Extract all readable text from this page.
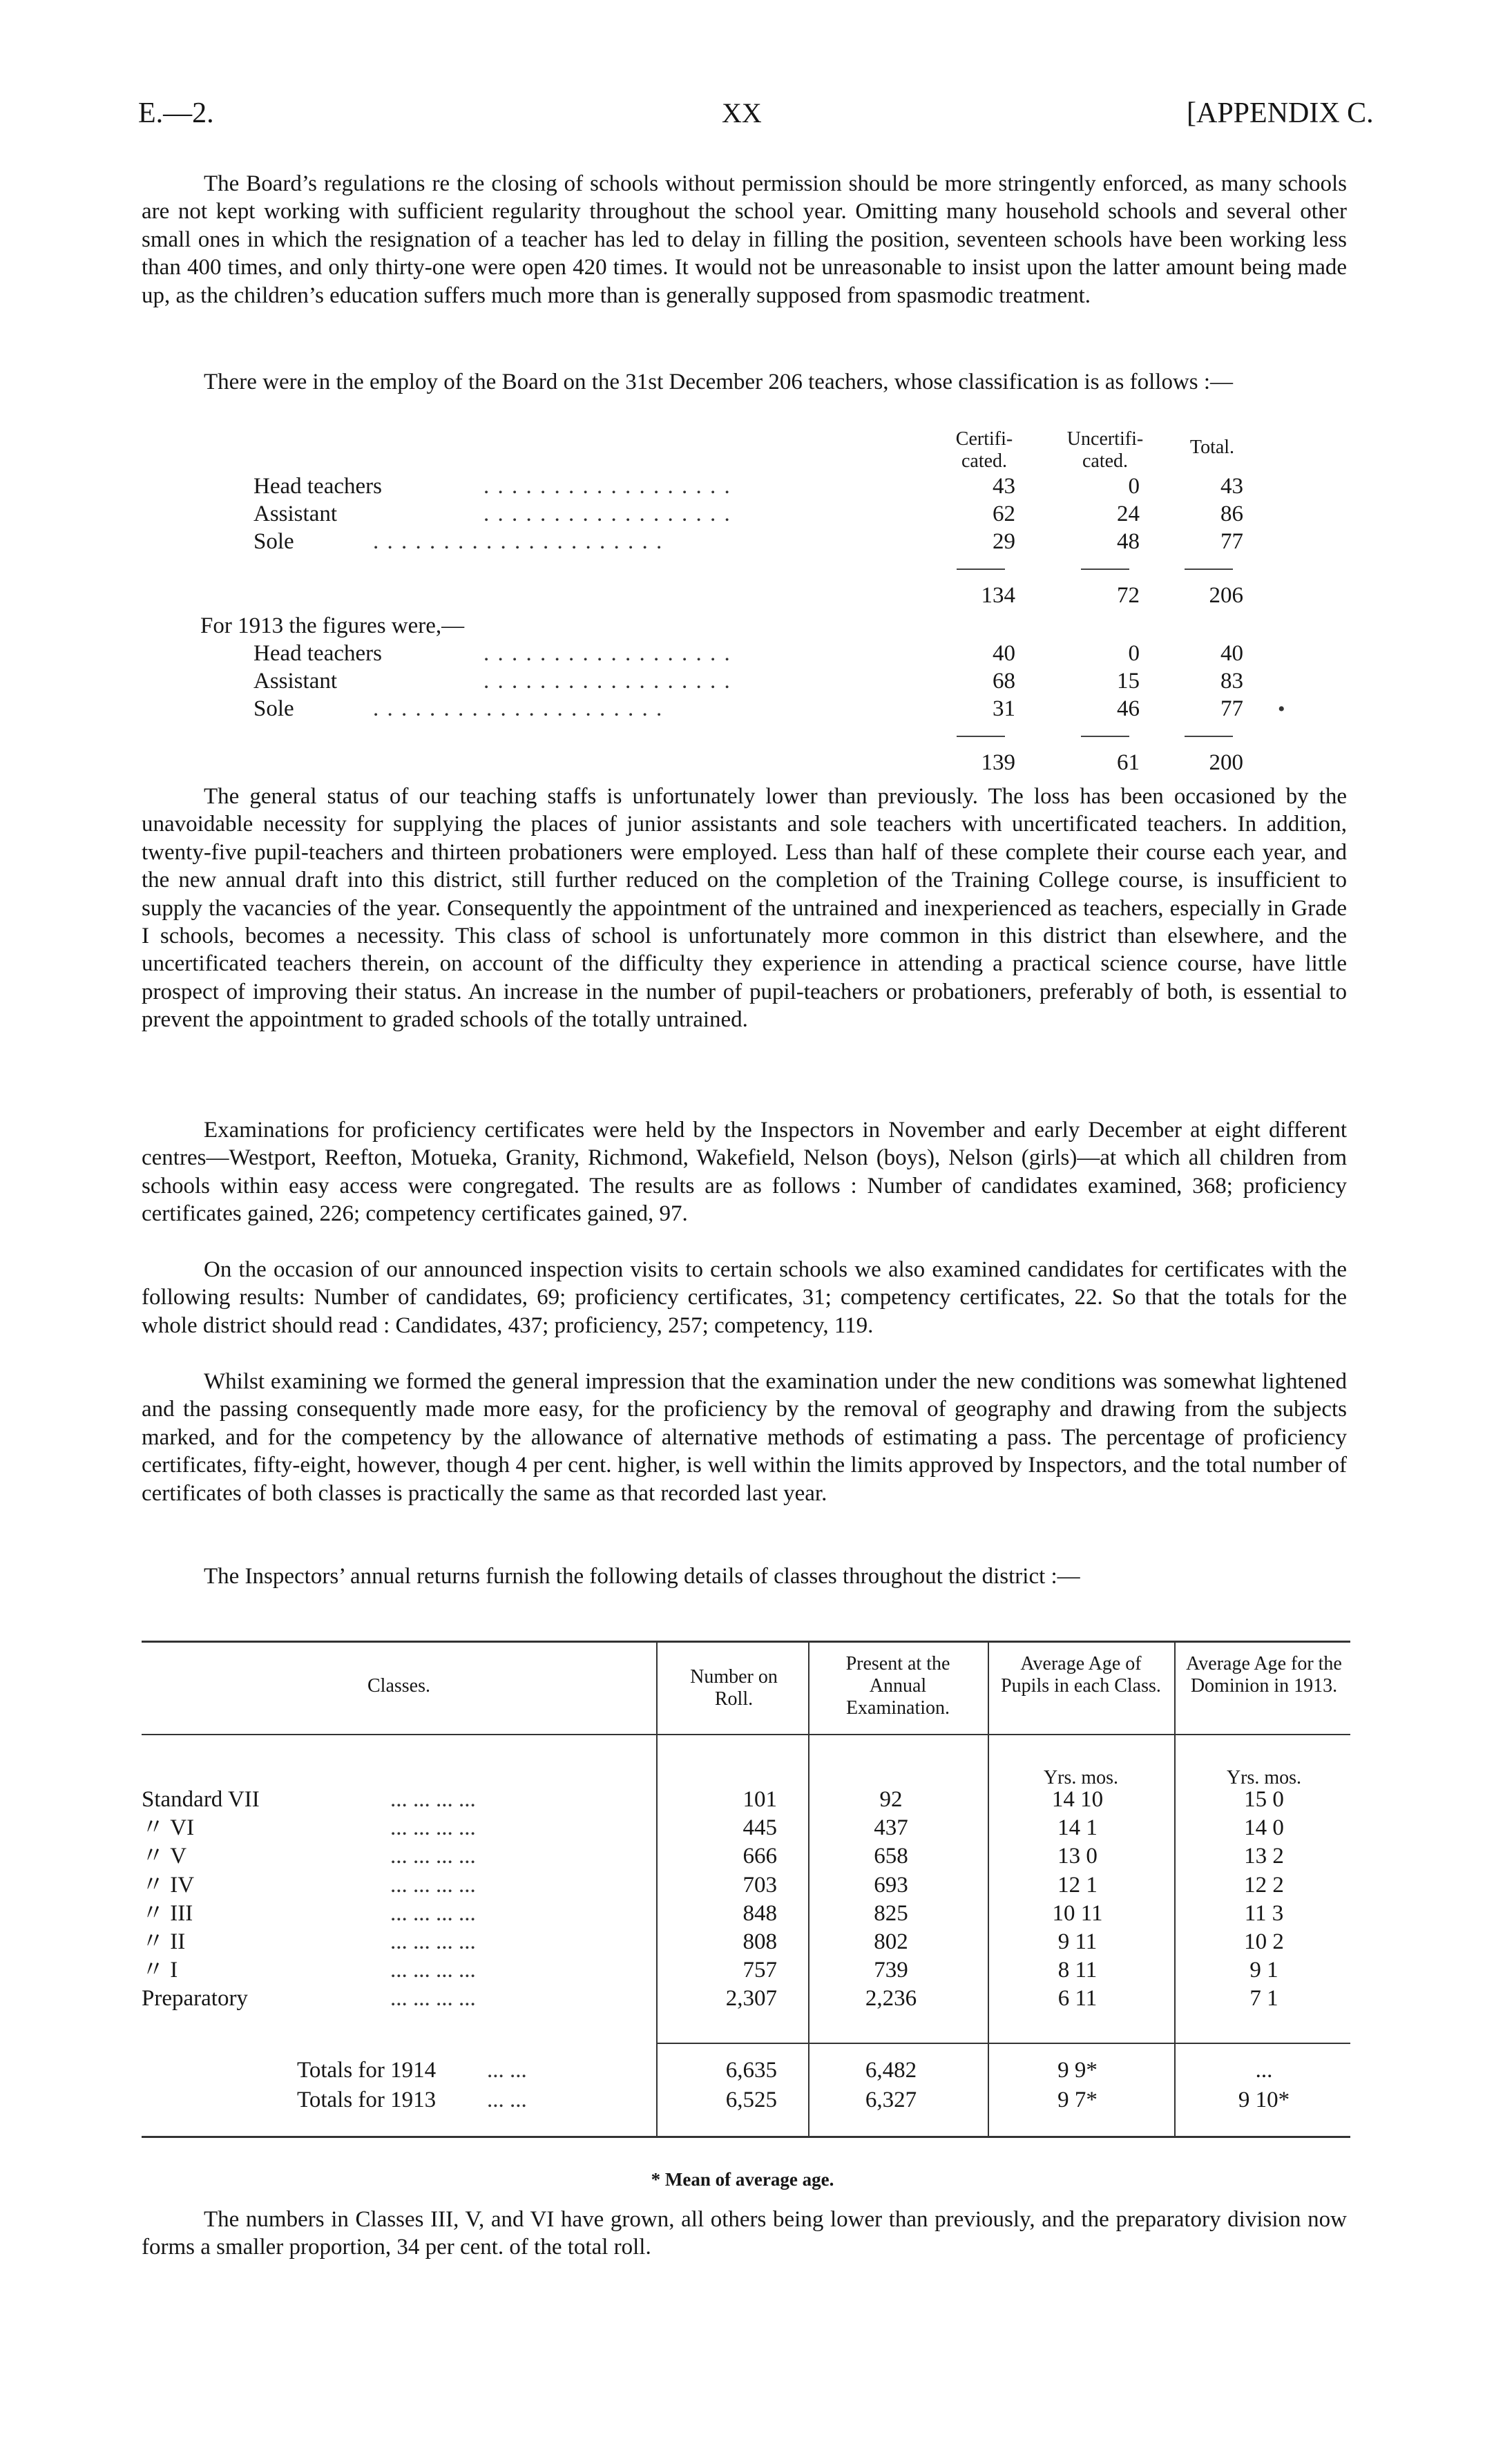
E.—2.	XX	[APPENDIX C.

The Board’s regulations re the closing of schools without permission should be more stringently enforced, as many schools are not kept working with sufficient regularity throughout the school year. Omitting many household schools and several other small ones in which the resignation of a teacher has led to delay in filling the position, seventeen schools have been working less than 400 times, and only thirty-one were open 420 times. It would not be unreasonable to insist upon the latter amount being made up, as the children’s education suffers much more than is generally supposed from spasmodic treatment.

There were in the employ of the Board on the 31st December 206 teachers, whose classification is as follows :—

Certifi-cated.
Uncertifi-cated.
Total.
Head teachers	. . . . . . . . . . . . . . . . . .	43	0	43
Assistant	. . . . . . . . . . . . . . . . . .	62	24	86
Sole	. . . . . . . . . . . . . . . . . . . . .	29	48	77
134	72	206
For 1913 the figures were,—
Head teachers	. . . . . . . . . . . . . . . . . .	40	0	40
Assistant	. . . . . . . . . . . . . . . . . .	68	15	83
Sole	. . . . . . . . . . . . . . . . . . . . .	31	46	77 •
139	61	200

The general status of our teaching staffs is unfortunately lower than previously. The loss has been occasioned by the unavoidable necessity for supplying the places of junior assistants and sole teachers with uncertificated teachers. In addition, twenty-five pupil-teachers and thirteen probationers were employed. Less than half of these complete their course each year, and the new annual draft into this district, still further reduced on the completion of the Training College course, is insufficient to supply the vacancies of the year. Consequently the appointment of the untrained and inexperienced as teachers, especially in Grade I schools, becomes a necessity. This class of school is unfortunately more common in this district than elsewhere, and the uncertificated teachers therein, on account of the difficulty they experience in attending a practical science course, have little prospect of improving their status. An increase in the number of pupil-teachers or probationers, preferably of both, is essential to prevent the appointment to graded schools of the totally untrained.

Examinations for proficiency certificates were held by the Inspectors in November and early December at eight different centres—Westport, Reefton, Motueka, Granity, Richmond, Wakefield, Nelson (boys), Nelson (girls)—at which all children from schools within easy access were congregated. The results are as follows : Number of candidates examined, 368; proficiency certificates gained, 226; competency certificates gained, 97.

On the occasion of our announced inspection visits to certain schools we also examined candidates for certificates with the following results: Number of candidates, 69; proficiency certificates, 31; competency certificates, 22. So that the totals for the whole district should read : Candidates, 437; proficiency, 257; competency, 119.

Whilst examining we formed the general impression that the examination under the new conditions was somewhat lightened and the passing consequently made more easy, for the proficiency by the removal of geography and drawing from the subjects marked, and for the competency by the allowance of alternative methods of estimating a pass. The percentage of proficiency certificates, fifty-eight, however, though 4 per cent. higher, is well within the limits approved by Inspectors, and the total number of certificates of both classes is practically the same as that recorded last year.

The Inspectors’ annual returns furnish the following details of classes throughout the district :—

Classes.	Number on Roll.
Present at the Annual Examination.
Average Age of Pupils in each Class.
Average Age for the Dominion in 1913.
Yrs. mos.	Yrs. mos.
Standard VII	101	92	14 10	15 0
... ... ... ...
〃 VI	445	437	14 1	14 0
... ... ... ...
〃 V	666	658	13 0	13 2
... ... ... ...
〃 IV	703	693	12 1	12 2
... ... ... ...
〃 III	848	825	10 11	11 3
... ... ... ...
〃 II	808	802	9 11	10 2
... ... ... ...
〃 I	757	739	8 11	9 1
... ... ... ...
Preparatory	2,307	2,236	6 11	7 1
... ... ... ...
Totals for 1914	6,635	6,482	9 9*	...
... ...
Totals for 1913	6,525	6,327	9 7*	9 10*
... ...
* Mean of average age.

The numbers in Classes III, V, and VI have grown, all others being lower than previously, and the preparatory division now forms a smaller proportion, 34 per cent. of the total roll.
